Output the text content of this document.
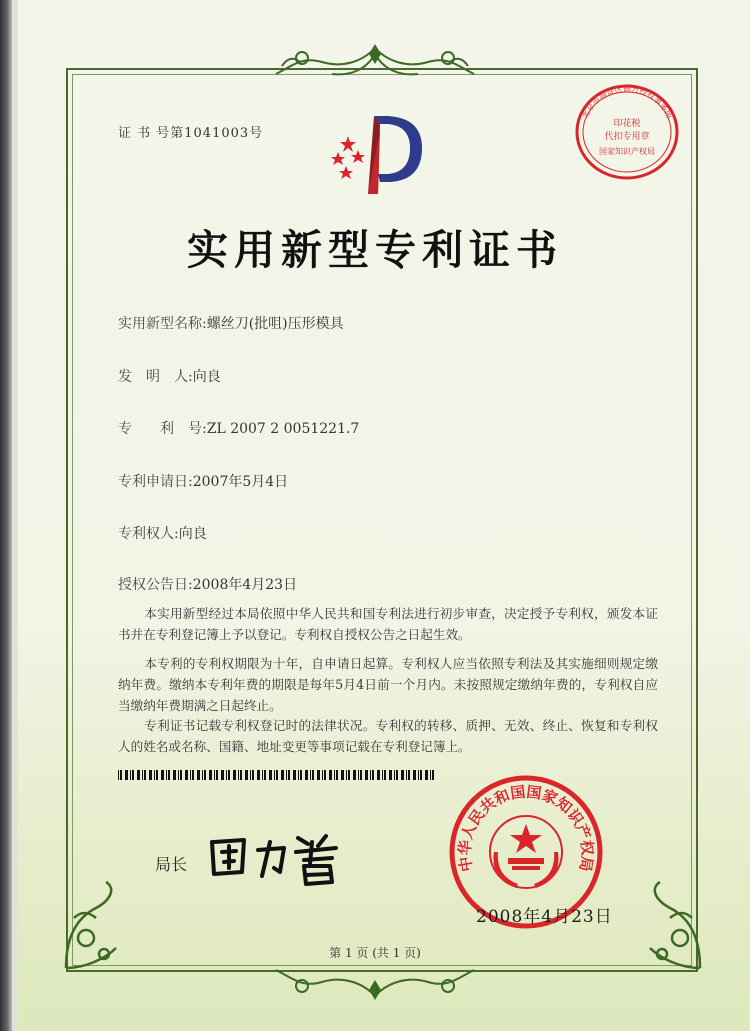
证 书 号第1041003号
实用新型专利证书
实用新型名称:螺丝刀(批咀)压形模具
发　明　人:向良
专　　利　号:ZL 2007 2 0051221.7
专利申请日:2007年5月4日
专利权人:向良
授权公告日:2008年4月23日
本实用新型经过本局依照中华人民共和国专利法进行初步审查，决定授予专利权，颁发本证书并在专利登记簿上予以登记。专利权自授权公告之日起生效。
本专利的专利权期限为十年，自申请日起算。专利权人应当依照专利法及其实施细则规定缴纳年费。缴纳本专利年费的期限是每年5月4日前一个月内。未按照规定缴纳年费的，专利权自应当缴纳年费期满之日起终止。
专利证书记载专利权登记时的法律状况。专利权的转移、质押、无效、终止、恢复和专利权人的姓名或名称、国籍、地址变更等事项记载在专利登记簿上。
局长	中华人民共和国国家知识产权局
2008年4月23日
北京市海淀区德方授权事务所
印花税
代扣专用章
国家知识产权局
第 1 页 (共 1 页)
